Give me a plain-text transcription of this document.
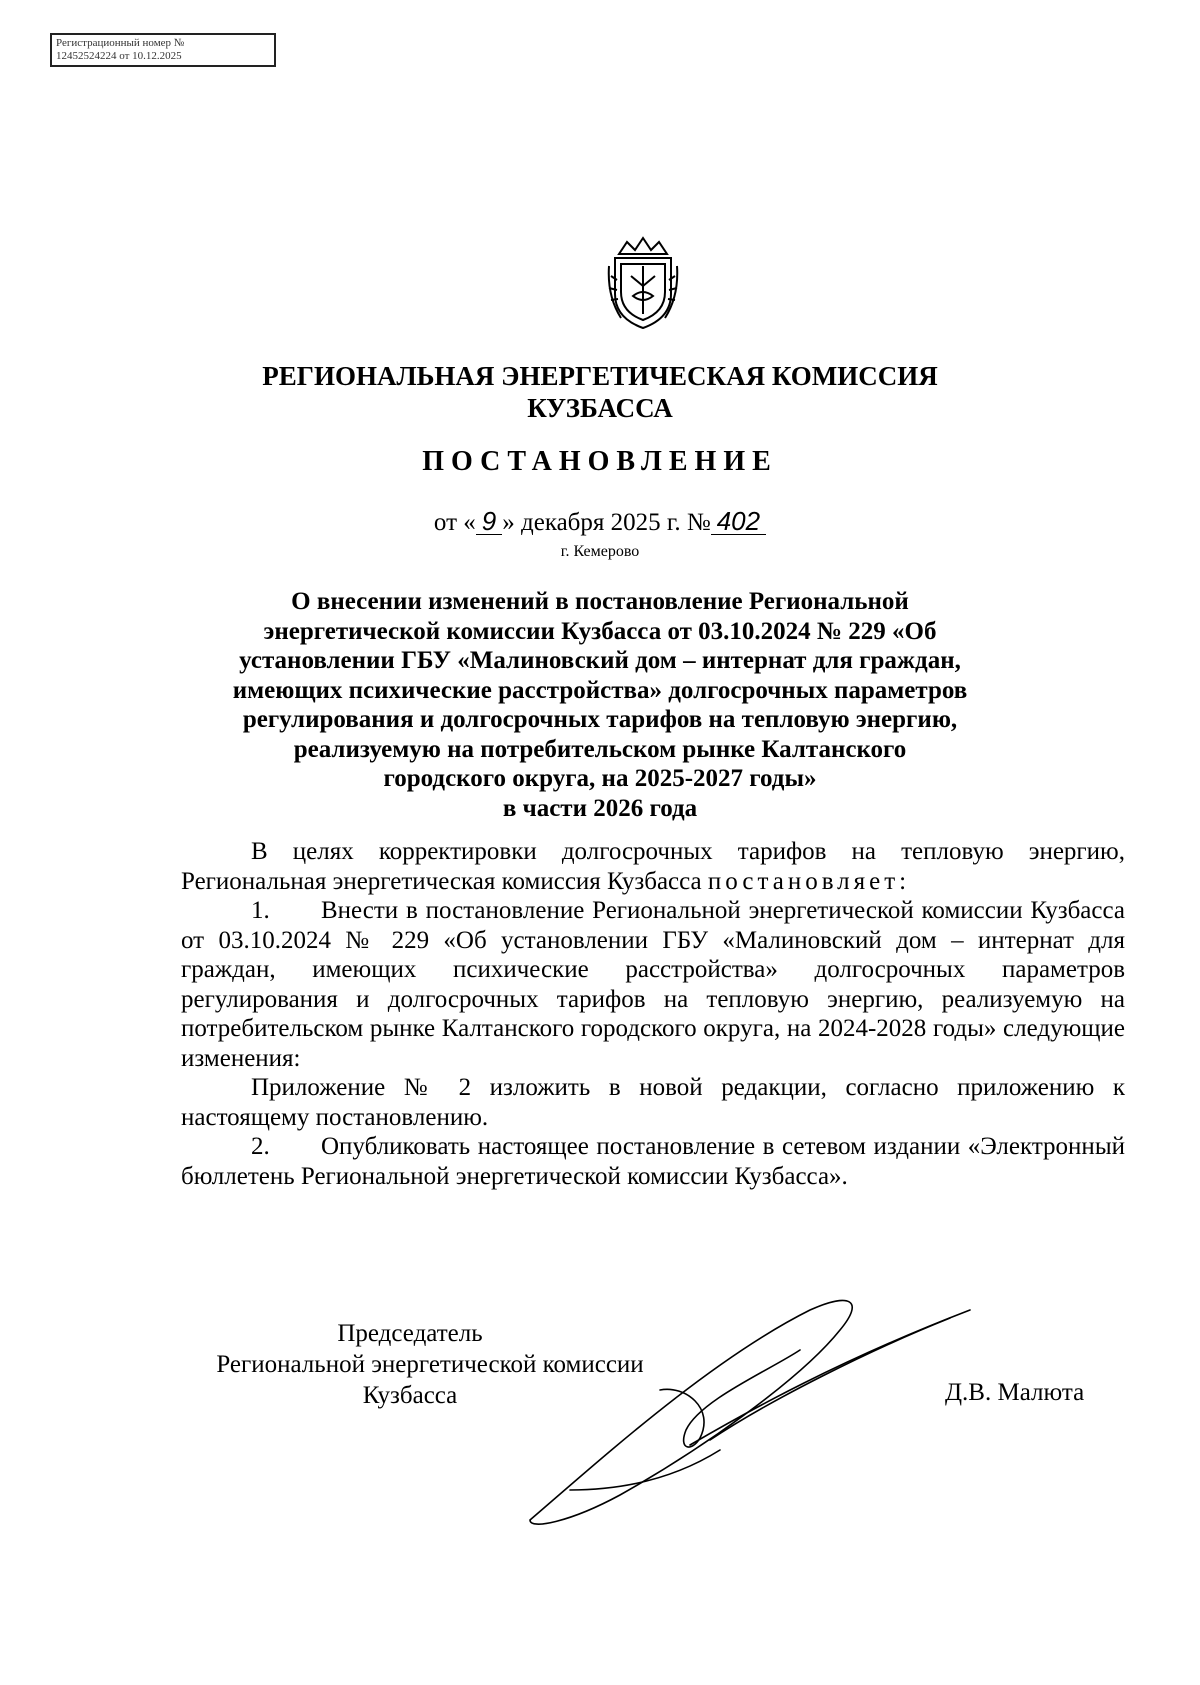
Регистрационный номер №
12452524224 от 10.12.2025
РЕГИОНАЛЬНАЯ ЭНЕРГЕТИЧЕСКАЯ КОМИССИЯ
КУЗБАССА
ПОСТАНОВЛЕНИЕ
от « 9 » декабря 2025 г. № 402
г. Кемерово
О внесении изменений в постановление Региональной
энергетической комиссии Кузбасса от 03.10.2024 № 229 «Об
установлении ГБУ «Малиновский дом – интернат для граждан,
имеющих психические расстройства» долгосрочных параметров
регулирования и долгосрочных тарифов на тепловую энергию,
реализуемую на потребительском рынке Калтанского
городского округа, на 2025-2027 годы»
в части 2026 года

В целях корректировки долгосрочных тарифов на тепловую энергию, Региональная энергетическая комиссия Кузбасса постановляет:

1. Внести в постановление Региональной энергетической комиссии Кузбасса от 03.10.2024 № 229 «Об установлении ГБУ «Малиновский дом – интернат для граждан, имеющих психические расстройства» долгосрочных параметров регулирования и долгосрочных тарифов на тепловую энергию, реализуемую на потребительском рынке Калтанского городского округа, на 2024-2028 годы» следующие изменения:

Приложение № 2 изложить в новой редакции, согласно приложению к настоящему постановлению.

2. Опубликовать настоящее постановление в сетевом издании «Электронный бюллетень Региональной энергетической комиссии Кузбасса».

Председатель
Региональной энергетической комиссии
Кузбасса	Д.В. Малюта
